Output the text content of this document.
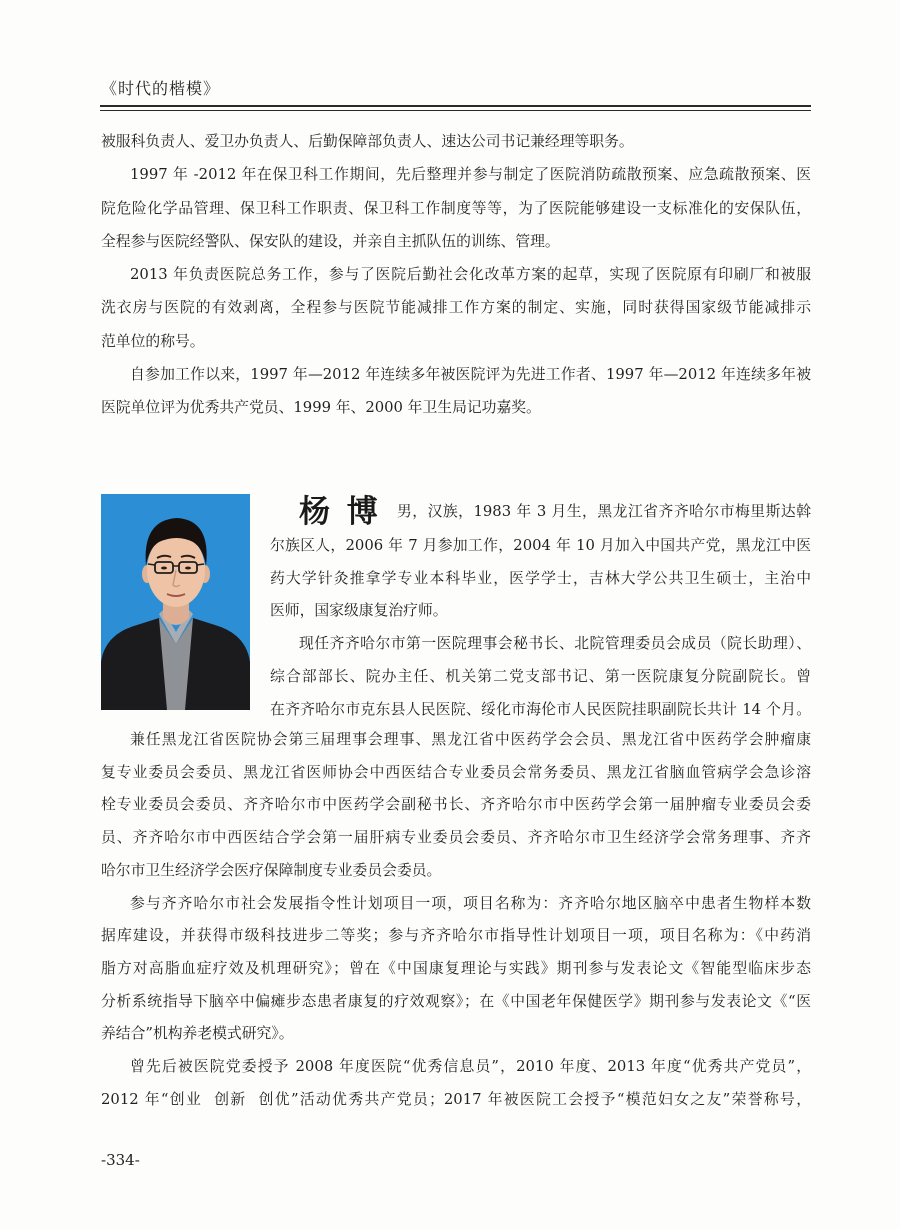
《时代的楷模》
被服科负责人、爱卫办负责人、后勤保障部负责人、速达公司书记兼经理等职务。
1997 年 -2012 年在保卫科工作期间，先后整理并参与制定了医院消防疏散预案、应急疏散预案、医
院危险化学品管理、保卫科工作职责、保卫科工作制度等等，为了医院能够建设一支标准化的安保队伍，
全程参与医院经警队、保安队的建设，并亲自主抓队伍的训练、管理。
2013 年负责医院总务工作，参与了医院后勤社会化改革方案的起草，实现了医院原有印刷厂和被服
洗衣房与医院的有效剥离，全程参与医院节能减排工作方案的制定、实施，同时获得国家级节能减排示
范单位的称号。
自参加工作以来，1997 年—2012 年连续多年被医院评为先进工作者、1997 年—2012 年连续多年被
医院单位评为优秀共产党员、1999 年、2000 年卫生局记功嘉奖。
杨 博	男，汉族，1983 年 3 月生，黑龙江省齐齐哈尔市梅里斯达斡
尔族区人，2006 年 7 月参加工作，2004 年 10 月加入中国共产党，黑龙江中医
药大学针灸推拿学专业本科毕业，医学学士，吉林大学公共卫生硕士，主治中
医师，国家级康复治疗师。
现任齐齐哈尔市第一医院理事会秘书长、北院管理委员会成员（院长助理）、
综合部部长、院办主任、机关第二党支部书记、第一医院康复分院副院长。曾
在齐齐哈尔市克东县人民医院、绥化市海伦市人民医院挂职副院长共计 14 个月。
兼任黑龙江省医院协会第三届理事会理事、黑龙江省中医药学会会员、黑龙江省中医药学会肿瘤康
复专业委员会委员、黑龙江省医师协会中西医结合专业委员会常务委员、黑龙江省脑血管病学会急诊溶
栓专业委员会委员、齐齐哈尔市中医药学会副秘书长、齐齐哈尔市中医药学会第一届肿瘤专业委员会委
员、齐齐哈尔市中西医结合学会第一届肝病专业委员会委员、齐齐哈尔市卫生经济学会常务理事、齐齐
哈尔市卫生经济学会医疗保障制度专业委员会委员。
参与齐齐哈尔市社会发展指令性计划项目一项，项目名称为：齐齐哈尔地区脑卒中患者生物样本数
据库建设，并获得市级科技进步二等奖；参与齐齐哈尔市指导性计划项目一项，项目名称为：《中药消
脂方对高脂血症疗效及机理研究》；曾在《中国康复理论与实践》期刊参与发表论文《智能型临床步态
分析系统指导下脑卒中偏瘫步态患者康复的疗效观察》；在《中国老年保健医学》期刊参与发表论文《“医
养结合”机构养老模式研究》。
曾先后被医院党委授予 2008 年度医院“优秀信息员”，2010 年度、2013 年度“优秀共产党员”，
2012 年“创业  创新  创优”活动优秀共产党员；2017 年被医院工会授予“模范妇女之友”荣誉称号，
-334-
